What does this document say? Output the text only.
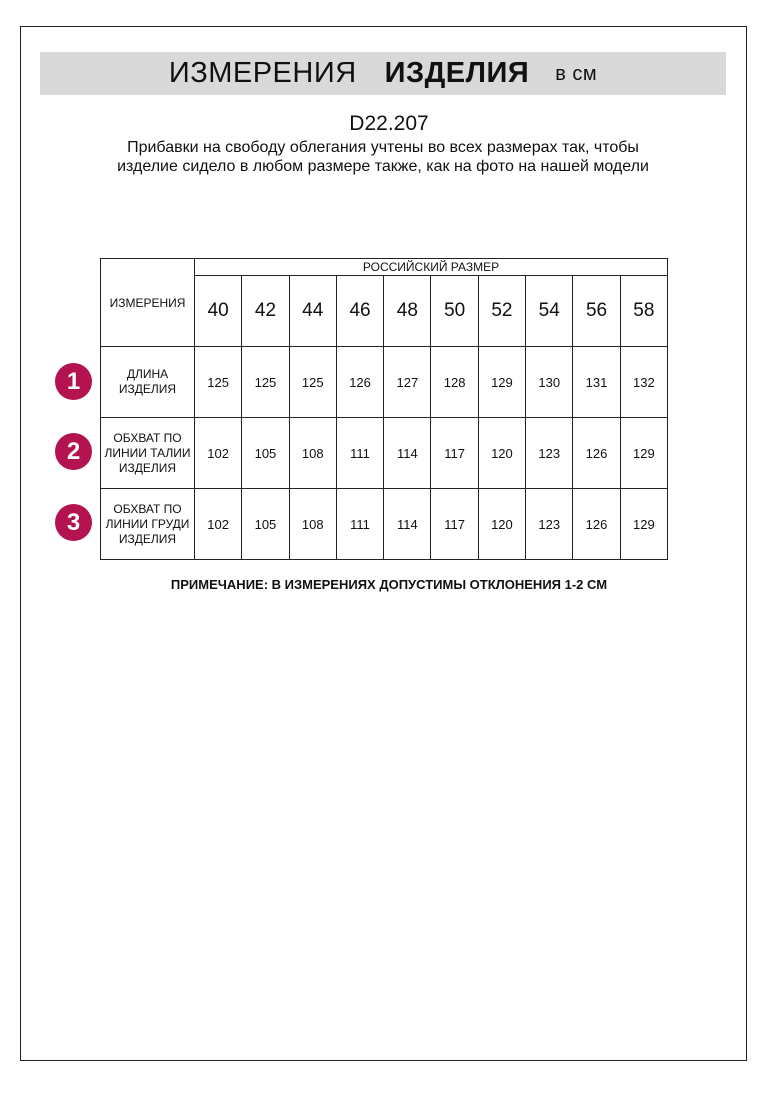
ИЗМЕРЕНИЯ ИЗДЕЛИЯ в см
D22.207
Прибавки на свободу облегания учтены во всех размерах так, чтобы изделие сидело в любом размере также, как на фото на нашей модели
ИЗМЕРЕНИЯ	РОССИЙСКИЙ РАЗМЕР									
	40	42	44	46	48	50	52	54	56	58
ДЛИНА ИЗДЕЛИЯ	125	125	125	126	127	128	129	130	131	132
ОБХВАТ ПО ЛИНИИ ТАЛИИ ИЗДЕЛИЯ	102	105	108	111	114	117	120	123	126	129
ОБХВАТ ПО ЛИНИИ ГРУДИ ИЗДЕЛИЯ	102	105	108	111	114	117	120	123	126	129
1
2
3
ПРИМЕЧАНИЕ: В ИЗМЕРЕНИЯХ ДОПУСТИМЫ ОТКЛОНЕНИЯ 1-2 СМ
